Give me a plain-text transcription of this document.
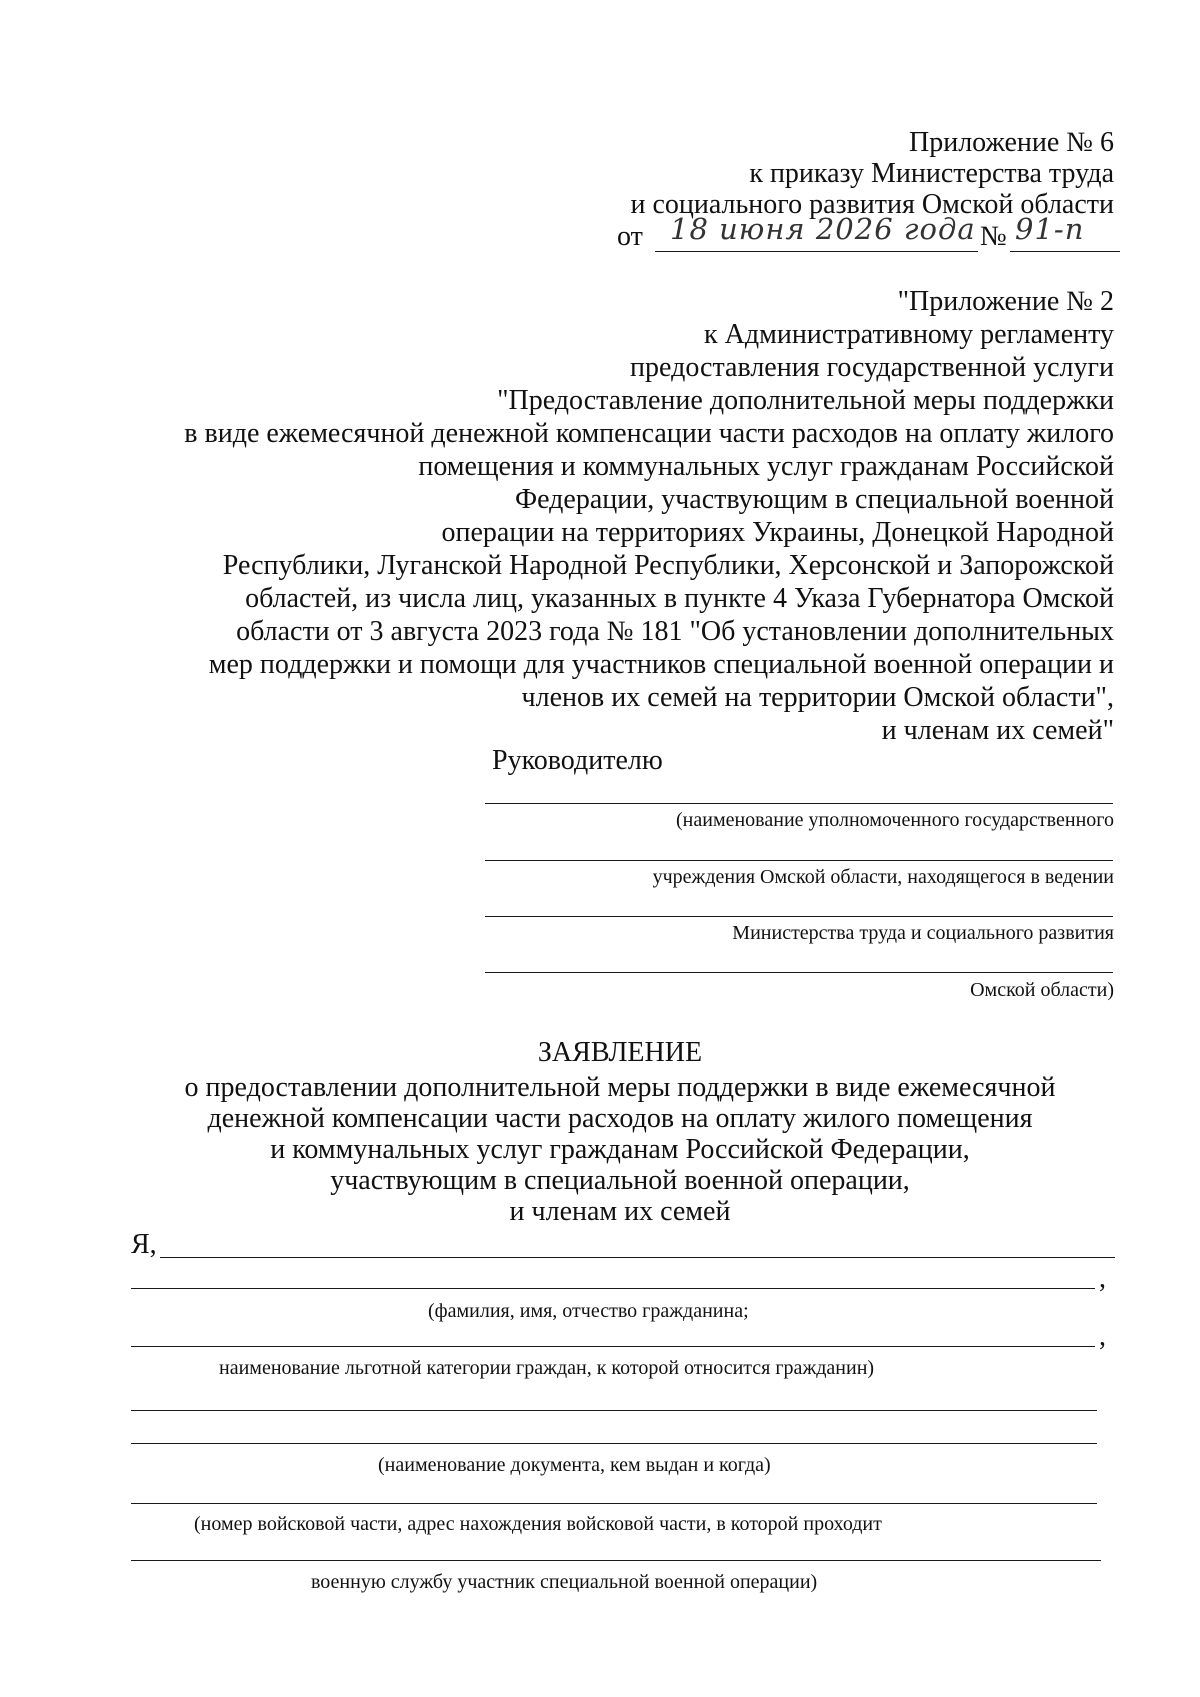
Приложение № 6
к приказу Министерства труда
и социального развития Омской области
от 18 июня 2026 года № 91-п
"Приложение № 2
к Административному регламенту
предоставления государственной услуги
"Предоставление дополнительной меры поддержки
в виде ежемесячной денежной компенсации части расходов на оплату жилого
помещения и коммунальных услуг гражданам Российской
Федерации, участвующим в специальной военной
операции на территориях Украины, Донецкой Народной
Республики, Луганской Народной Республики, Херсонской и Запорожской
областей, из числа лиц, указанных в пункте 4 Указа Губернатора Омской
области от 3 августа 2023 года № 181 "Об установлении дополнительных
мер поддержки и помощи для участников специальной военной операции и
членов их семей на территории Омской области",
и членам их семей"
Руководителю
(наименование уполномоченного государственного
учреждения Омской области, находящегося в ведении
Министерства труда и социального развития
Омской области)
ЗАЯВЛЕНИЕ
о предоставлении дополнительной меры поддержки в виде ежемесячной
денежной компенсации части расходов на оплату жилого помещения
и коммунальных услуг гражданам Российской Федерации,
участвующим в специальной военной операции,
и членам их семей
Я,
,
(фамилия, имя, отчество гражданина;
,
наименование льготной категории граждан, к которой относится гражданин)
(наименование документа, кем выдан и когда)
(номер войсковой части, адрес нахождения войсковой части, в которой проходит
военную службу участник специальной военной операции)
